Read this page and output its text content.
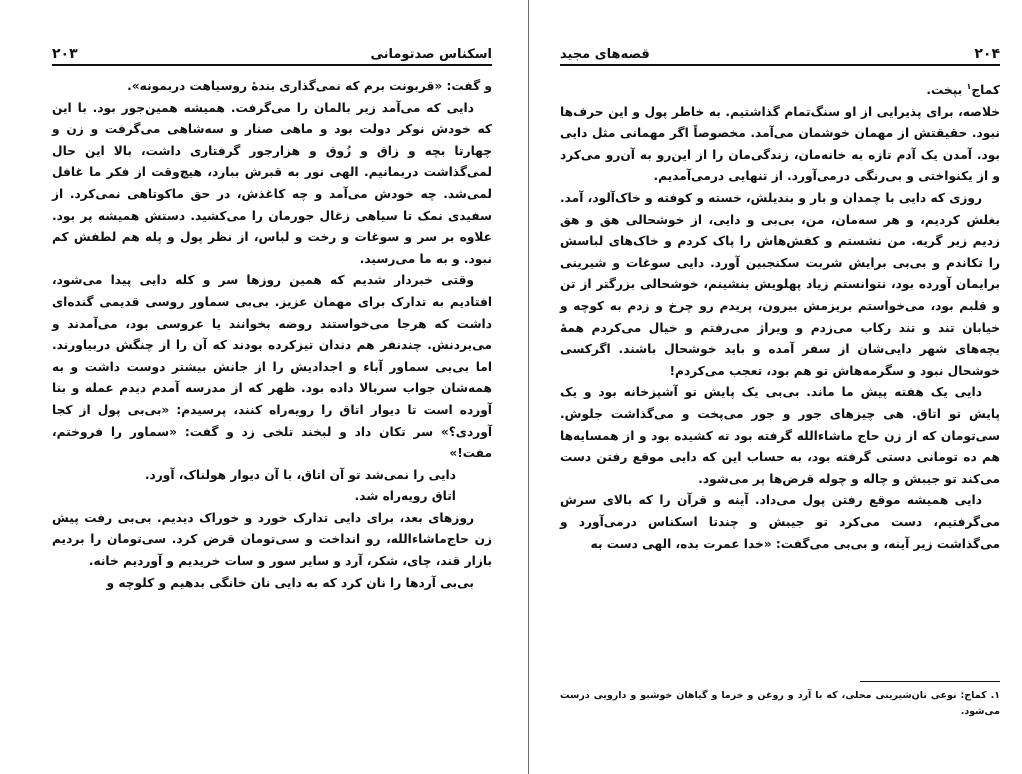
۲۰۳	اسکناس صدتومانی

و گفت: «قربونت برم که نمی‌گذاری بندهٔ روسیاهت دربمونه».

دایی که می‌آمد زیر بالمان را می‌گرفت. همیشه همین‌جور بود. با این که خودش نوکر دولت بود و ماهی صنار و سه‌شاهی می‌گرفت و زن و چهارتا بچه و زاق و زُوق و هزارجور گرفتاری داشت، بالا این حال لمی‌گذاشت دربمانیم. الهی نور به قبرش ببارد، هیچ‌وقت از فکر ما غافل لمی‌شد. چه خودش می‌آمد و چه کاغذش، در حق ماکوتاهی نمی‌کرد. از سفیدی نمک تا سیاهی زغال جورمان را می‌کشید. دستش همیشه پر بود. علاوه بر سر و سوغات و رخت و لباس، از نظر پول و پله هم لطفش کم نبود. و به ما می‌رسید.

وقتی خبردار شدیم که همین روزها سر و کله دایی پیدا می‌شود، افتادیم به تدارک برای مهمان عزیز. بی‌بی سماور روسی قدیمی گنده‌ای داشت که هرجا می‌خواستند روضه بخوانند یا عروسی بود، می‌آمدند و می‌بردنش. چندنفر هم دندان تیزکرده بودند که آن را از چنگش دربیاورند. اما بی‌بی سماور آباء و اجدادیش را از جانش بیشتر دوست داشت و به همه‌شان جواب سربالا داده بود. ظهر که از مدرسه آمدم دیدم عمله و بنا آورده است تا دیوار اتاق را رویه‌راه کنند، پرسیدم: «بی‌بی پول از کجا آوردی؟» سر تکان داد و لبخند تلخی زد و گفت: «سماور را فروختم، مفت!»

دایی را نمی‌شد تو آن اتاق، با آن دیوار هولناک، آورد.

اتاق رویه‌راه شد.

روزهای بعد، برای دایی تدارک خورد و خوراک دیدیم. بی‌بی رفت پیش زن حاج‌ماشاءالله، رو انداخت و سی‌تومان قرض کرد. سی‌تومان را بردیم بازار قند، چای، شکر، آرد و سایر سور و سات خریدیم و آوردیم خانه.

بی‌بی آردها را نان کرد که به دایی نان خانگی بدهیم و کلوچه و

قصه‌های مجید	۲۰۴

کماج$^۱$ بپخت.

خلاصه، برای پذیرایی از او سنگ‌تمام گذاشتیم. به خاطر پول و این حرف‌ها نبود. حقیقتش از مهمان خوشمان می‌آمد. مخصوصاً اگر مهمانی مثل دایی بود. آمدن یک آدم تازه به خانه‌مان، زندگی‌مان را از این‌رو به آن‌رو می‌کرد و از یکنواختی و بی‌رنگی درمی‌آورد. از تنهایی درمی‌آمدیم.

روزی که دایی با چمدان و بار و بندیلش، خسته و کوفته و خاک‌آلود، آمد. بغلش کردیم، و هر سه‌مان، من، بی‌بی و دایی، از خوشحالی هق و هق زدیم زیر گریه. من نشستم و کفش‌هاش را پاک کردم و خاک‌های لباسش را تکاندم و بی‌بی برایش شربت سکنجبین آورد. دایی سوغات و شیرینی برایمان آورده بود، نتوانستم زیاد پهلویش بنشینم، خوشحالی بزرگتر از تن و قلبم بود، می‌خواستم بریزمش بیرون، پریدم رو چرخ و زدم به کوچه و خیابان تند و تند رکاب می‌زدم و ویراژ می‌رفتم و خیال می‌کردم همهٔ بچه‌های شهر دایی‌شان از سفر آمده و باید خوشحال باشند. اگرکسی خوشحال نبود و سگرمه‌هاش تو هم بود، تعجب می‌کردم!

دایی یک هفته پیش ما ماند. بی‌بی یک پایش تو آشپزخانه بود و یک پایش تو اتاق. هی چیزهای جور و جور می‌پخت و می‌گذاشت جلوش. سی‌تومان که از زن حاج ماشاءالله گرفته بود ته کشیده بود و از همسایه‌ها هم ده تومانی دستی گرفته بود، به حساب این که دایی موقع رفتن دست می‌کند تو جیبش و چاله و چوله قرض‌ها پر می‌شود.

دایی همیشه موقع رفتن پول می‌داد. آینه و قرآن را که بالای سرش می‌گرفتیم، دست می‌کرد تو جیبش و چندتا اسکناس درمی‌آورد و می‌گذاشت زیر آینه، و بی‌بی می‌گفت: «خدا عمرت بده، الهی دست به

۱. کماج: نوعی نان‌شیرینی محلی، که با آرد و روغن و خرما و گیاهان خوشبو و دارویی درست می‌شود.
